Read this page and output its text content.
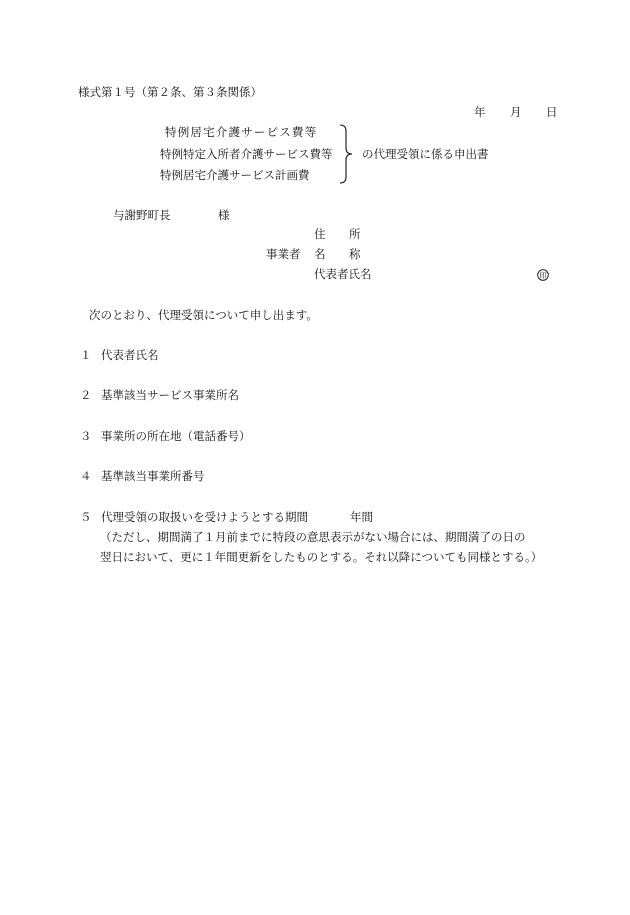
様式第１号（第２条、第３条関係）
年 月 日
特例居宅介護サービス費等
特例特定入所者介護サービス費等
特例居宅介護サービス計画費
の代理受領に係る申出書
与謝野町長	様
住 所
事業者 名 称
代表者氏名	印
次のとおり、代理受領について申し出ます。
１ 代表者氏名
２ 基準該当サービス事業所名
３ 事業所の所在地（電話番号）
４ 基準該当事業所番号
５ 代理受領の取扱いを受けようとする期間	年間
（ただし、期間満了１月前までに特段の意思表示がない場合には、期間満了の日の
翌日において、更に１年間更新をしたものとする。それ以降についても同様とする。）
